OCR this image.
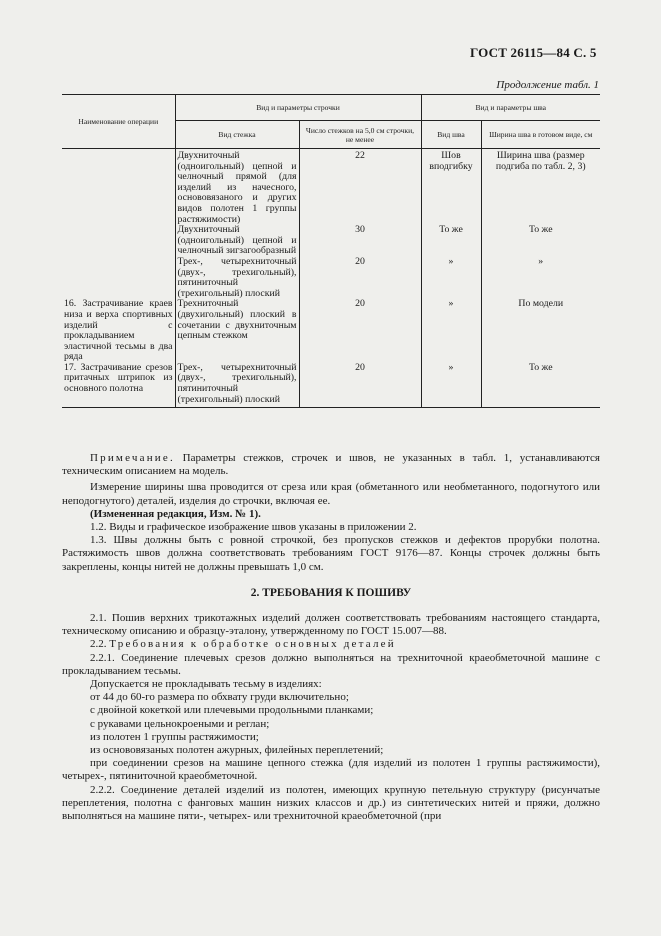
ГОСТ 26115—84 С. 5
Продолжение табл. 1
Наименование операции	Вид и параметры строчки		Вид и параметры шва	
	Вид стежка	Число стежков на 5,0 см строчки, не менее	Вид шва	Ширина шва в готовом виде, см
	Двухниточный (одноигольный) цепной и челночный прямой (для изделий из начесного, основовязаного и других видов полотен 1 группы растяжимости)	22	Шов вподгибку	Ширина шва (размер подгиба по табл. 2, 3)
	Двухниточный (одноигольный) цепной и челночный зигзагообразный	30	То же	То же
	Трех-, четырехниточный (двух-, трехигольный), пятиниточный (трехигольный) плоский	20	»	»
16. Застрачивание краев низа и верха спортивных изделий с прокладыванием эластичной тесьмы в два ряда	Трехниточный (двухигольный) плоский в сочетании с двухниточным цепным стежком	20	»	По модели
17. Застрачивание срезов притачных штрипок из основного полотна	Трех-, четырехниточный (двух-, трехигольный), пятиниточный (трехигольный) плоский	20	»	То же

Примечание. Параметры стежков, строчек и швов, не указанных в табл. 1, устанавливаются техническим описанием на модель.

Измерение ширины шва проводится от среза или края (обметанного или необметанного, подогнутого или неподогнутого) деталей, изделия до строчки, включая ее.

(Измененная редакция, Изм. № 1).

1.2. Виды и графическое изображение швов указаны в приложении 2.

1.3. Швы должны быть с ровной строчкой, без пропусков стежков и дефектов прорубки полотна. Растяжимость швов должна соответствовать требованиям ГОСТ 9176—87. Концы строчек должны быть закреплены, концы нитей не должны превышать 1,0 см.

2. ТРЕБОВАНИЯ К ПОШИВУ

2.1. Пошив верхних трикотажных изделий должен соответствовать требованиям настоящего стандарта, техническому описанию и образцу-эталону, утвержденному по ГОСТ 15.007—88.

2.2. Требования к обработке основных деталей

2.2.1. Соединение плечевых срезов должно выполняться на трехниточной краеобметочной машине с прокладыванием тесьмы.

Допускается не прокладывать тесьму в изделиях:

от 44 до 60-го размера по обхвату груди включительно;

с двойной кокеткой или плечевыми продольными планками;

с рукавами цельнокроеными и реглан;

из полотен 1 группы растяжимости;

из основовязаных полотен ажурных, филейных переплетений;

при соединении срезов на машине цепного стежка (для изделий из полотен 1 группы растяжимости), четырех-, пятиниточной краеобметочной.

2.2.2. Соединение деталей изделий из полотен, имеющих крупную петельную структуру (рисунчатые переплетения, полотна с фанговых машин низких классов и др.) из синтетических нитей и пряжи, должно выполняться на машине пяти-, четырех- или трехниточной краеобметочной (при
